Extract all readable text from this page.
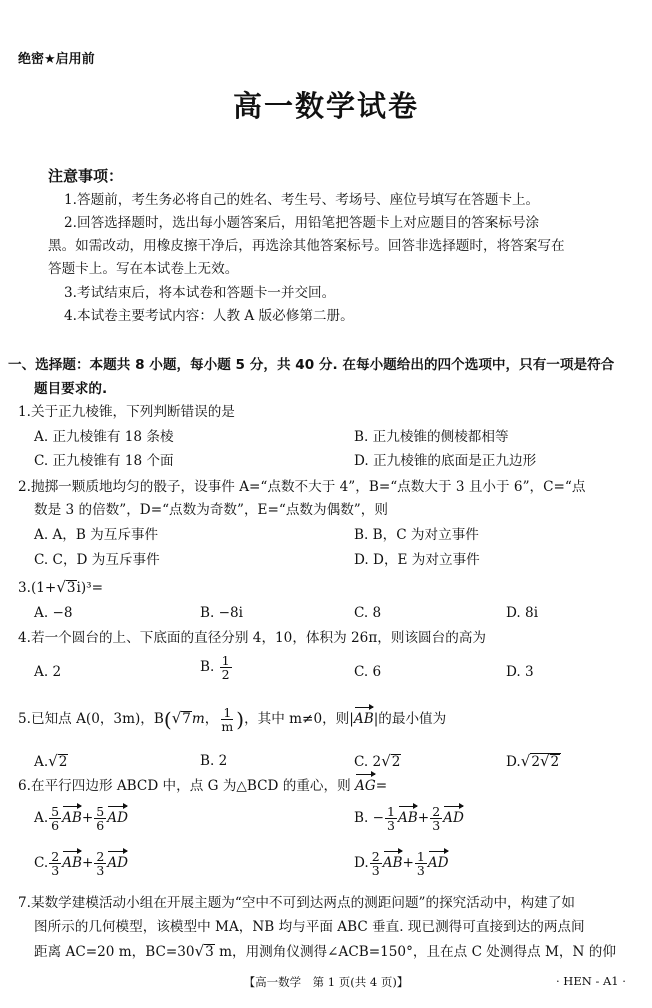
绝密★启用前
高一数学试卷
注意事项：
1.答题前，考生务必将自己的姓名、考生号、考场号、座位号填写在答题卡上。
2.回答选择题时，选出每小题答案后，用铅笔把答题卡上对应题目的答案标号涂
黑。如需改动，用橡皮擦干净后，再选涂其他答案标号。回答非选择题时，将答案写在
答题卡上。写在本试卷上无效。
3.考试结束后，将本试卷和答题卡一并交回。
4.本试卷主要考试内容：人教 A 版必修第二册。
一、选择题：本题共 8 小题，每小题 5 分，共 40 分. 在每小题给出的四个选项中，只有一项是符合
题目要求的.
1.关于正九棱锥，下列判断错误的是
A. 正九棱锥有 18 条棱	B. 正九棱锥的侧棱都相等
C. 正九棱锥有 18 个面	D. 正九棱锥的底面是正九边形
2.抛掷一颗质地均匀的骰子，设事件 A=“点数不大于 4”，B=“点数大于 3 且小于 6”，C=“点
数是 3 的倍数”，D=“点数为奇数”，E=“点数为偶数”，则
A. A，B 为互斥事件	B. B，C 为对立事件
C. C，D 为互斥事件	D. D，E 为对立事件
3.(1+√3i)³=
A. −8	B. −8i	C. 8	D. 8i
4.若一个圆台的上、下底面的直径分别 4，10，体积为 26π，则该圆台的高为
A. 2	B. $\frac{1}{2}$	C. 6	D. 3
5.已知点 A(0，3m)，B(√7m， $\frac{1}{m}$ )，其中 m≠0，则|AB|的最小值为
A.√2	B. 2	C. 2√2	D.√2√2
6.在平行四边形 ABCD 中，点 G 为△BCD 的重心，则 AG=
A. $\frac{5}{6} AB+ \frac{5}{6}$ AD	B. − $\frac{1}{3} AB+ \frac{2}{3}$ AD
C. $\frac{2}{3} AB+ \frac{2}{3}$ AD	D. $\frac{2}{3} AB+ \frac{1}{3}$ AD
7.某数学建模活动小组在开展主题为“空中不可到达两点的测距问题”的探究活动中，构建了如
图所示的几何模型，该模型中 MA，NB 均与平面 ABC 垂直. 现已测得可直接到达的两点间
距离 AC=20 m，BC=30√3 m，用测角仪测得∠ACB=150°，且在点 C 处测得点 M，N 的仰
【高一数学　第 1 页(共 4 页)】	· HEN - A1 ·
